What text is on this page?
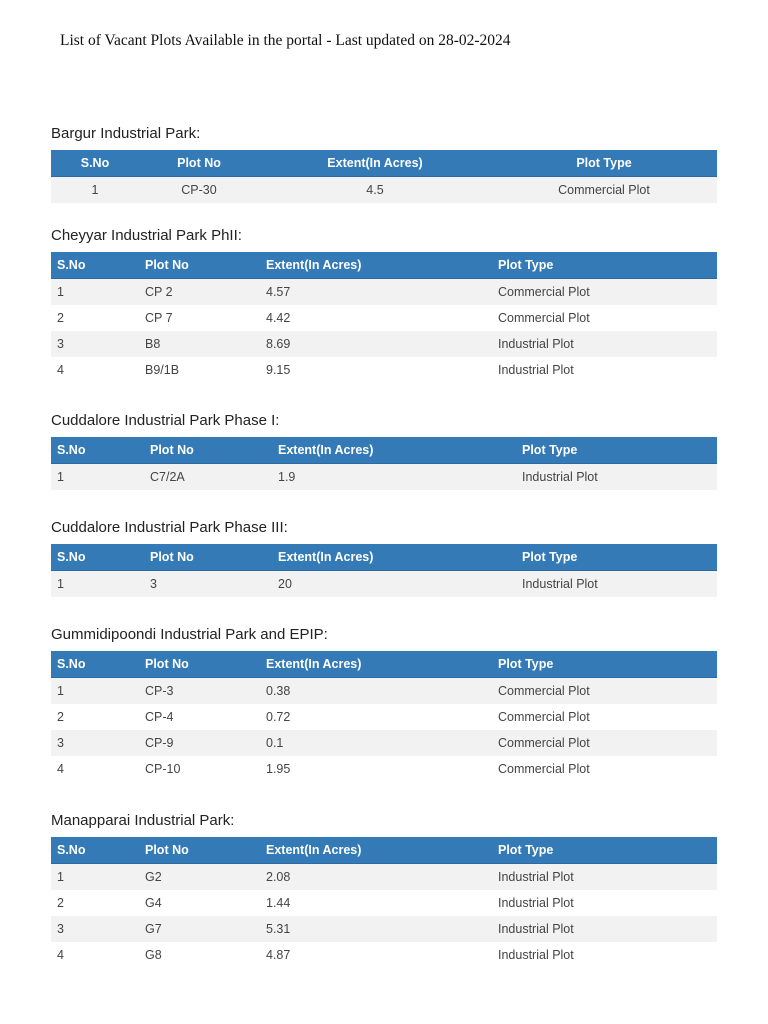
List of Vacant Plots Available in the portal - Last updated on 28-02-2024
Bargur Industrial Park:
S.No	Plot No	Extent(In Acres)	Plot Type
1	CP-30	4.5	Commercial Plot
Cheyyar Industrial Park PhII:
S.No	Plot No	Extent(In Acres)	Plot Type
1	CP 2	4.57	Commercial Plot
2	CP 7	4.42	Commercial Plot
3	B8	8.69	Industrial Plot
4	B9/1B	9.15	Industrial Plot
Cuddalore Industrial Park Phase I:
S.No	Plot No	Extent(In Acres)	Plot Type
1	C7/2A	1.9	Industrial Plot
Cuddalore Industrial Park Phase III:
S.No	Plot No	Extent(In Acres)	Plot Type
1	3	20	Industrial Plot
Gummidipoondi Industrial Park and EPIP:
S.No	Plot No	Extent(In Acres)	Plot Type
1	CP-3	0.38	Commercial Plot
2	CP-4	0.72	Commercial Plot
3	CP-9	0.1	Commercial Plot
4	CP-10	1.95	Commercial Plot
Manapparai Industrial Park:
S.No	Plot No	Extent(In Acres)	Plot Type
1	G2	2.08	Industrial Plot
2	G4	1.44	Industrial Plot
3	G7	5.31	Industrial Plot
4	G8	4.87	Industrial Plot
